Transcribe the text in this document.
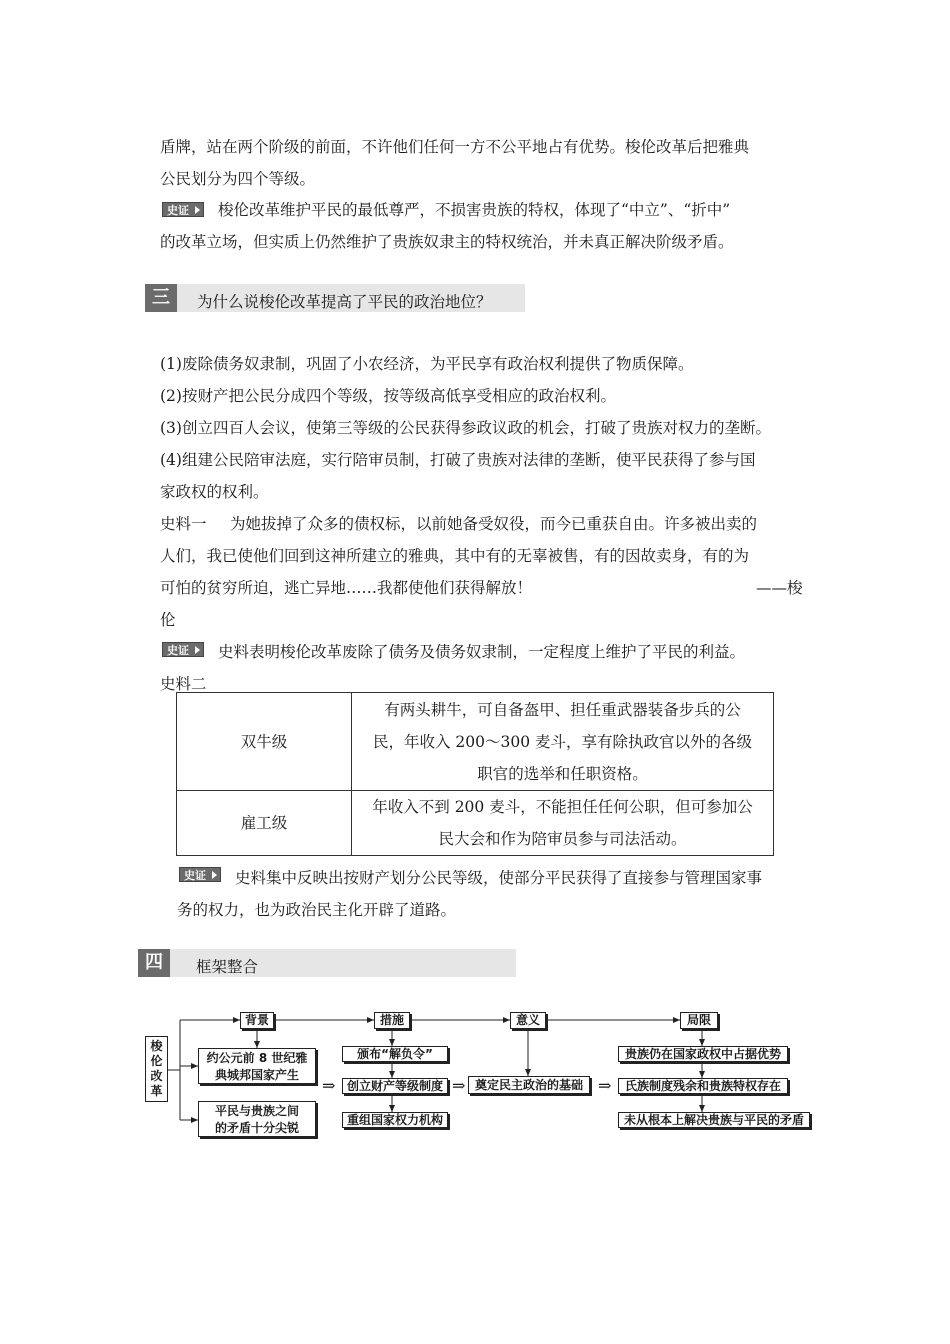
盾牌，站在两个阶级的前面，不许他们任何一方不公平地占有优势。梭伦改革后把雅典
公民划分为四个等级。
史证	梭伦改革维护平民的最低尊严，不损害贵族的特权，体现了“中立”、“折中”
的改革立场，但实质上仍然维护了贵族奴隶主的特权统治，并未真正解决阶级矛盾。
三	为什么说梭伦改革提高了平民的政治地位？
(1)废除债务奴隶制，巩固了小农经济，为平民享有政治权利提供了物质保障。
(2)按财产把公民分成四个等级，按等级高低享受相应的政治权利。
(3)创立四百人会议，使第三等级的公民获得参政议政的机会，打破了贵族对权力的垄断。
(4)组建公民陪审法庭，实行陪审员制，打破了贵族对法律的垄断，使平民获得了参与国
家政权的权利。
史料一 为她拔掉了众多的债权标，以前她备受奴役，而今已重获自由。许多被出卖的
人们，我已使他们回到这神所建立的雅典，其中有的无辜被售，有的因故卖身，有的为
可怕的贫穷所迫，逃亡异地……我都使他们获得解放！	——梭
伦
史证	史料表明梭伦改革废除了债务及债务奴隶制，一定程度上维护了平民的利益。
史料二
双牛级	有两头耕牛，可自备盔甲、担任重武器装备步兵的公
民，年收入 200～300 麦斗，享有除执政官以外的各级
职官的选举和任职资格。

雇工级	年收入不到 200 麦斗，不能担任任何公职，但可参加公
民大会和作为陪审员参与司法活动。
史证	史料集中反映出按财产划分公民等级，使部分平民获得了直接参与管理国家事
务的权力，也为政治民主化开辟了道路。
四	框架整合
梭伦改革
背景	措施	意义	局限
约公元前 8 世纪雅
典城邦国家产生
平民与贵族之间
的矛盾十分尖锐
⇒
颁布“解负令”
创立财产等级制度
重组国家权力机构
⇒ 奠定民主政治的基础 ⇒
贵族仍在国家政权中占据优势
氏族制度残余和贵族特权存在
未从根本上解决贵族与平民的矛盾
